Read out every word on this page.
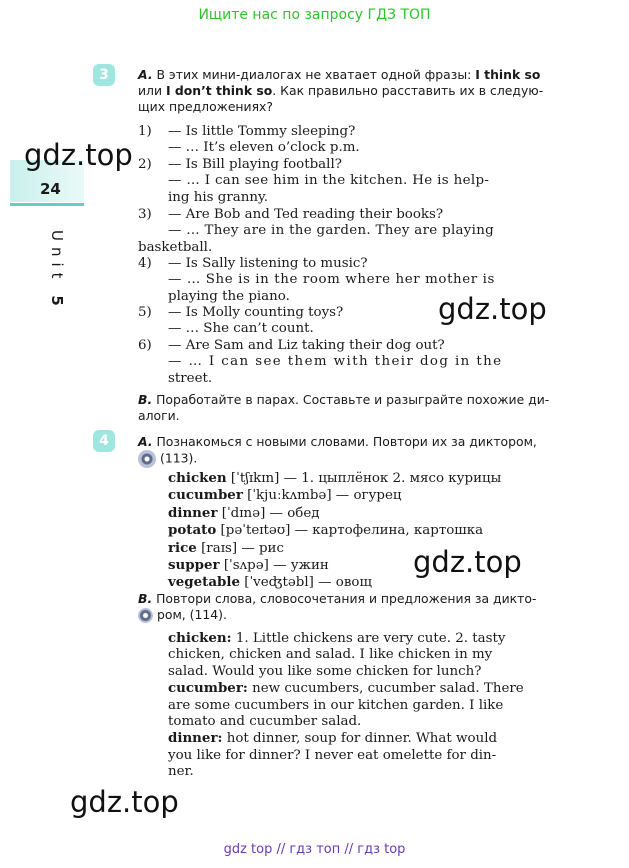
Ищите нас по запросу ГДЗ ТОП
24
Unit 5
gdz.top
gdz.top
gdz.top
gdz.top
3	A. В этих мини-диалогах не хватает одной фразы: I think so
или I don’t think so. Как правильно расставить их в следую-
щих предложениях?
1)	— Is little Tommy sleeping?
— … It’s eleven o’clock p.m.
2)	— Is Bill playing football?
— … I can see him in the kitchen. He is help-
ing his granny.
3)	— Are Bob and Ted reading their books?
— … They are in the garden. They are playing
basketball.
4)	— Is Sally listening to music?
— … She is in the room where her mother is
playing the piano.
5)	— Is Molly counting toys?
— … She can’t count.
6)	— Are Sam and Liz taking their dog out?
— … I can see them with their dog in the
street.
B. Поработайте в парах. Составьте и разыграйте похожие ди-
алоги.
4	A. Познакомься с новыми словами. Повтори их за диктором,
(113).
chicken [ˈtʃɪkɪn] — 1. цыплёнок 2. мясо курицы
cucumber [ˈkjuːkʌmbə] — огурец
dinner [ˈdɪnə] — обед
potato [pəˈteɪtəʊ] — картофелина, картошка
rice [raɪs] — рис
supper [ˈsʌpə] — ужин
vegetable [ˈveʤtəbl] — овощ
B. Повтори слова, словосочетания и предложения за дикто-
ром, (114).
chicken: 1. Little chickens are very cute. 2. tasty
chicken, chicken and salad. I like chicken in my
salad. Would you like some chicken for lunch?
cucumber: new cucumbers, cucumber salad. There
are some cucumbers in our kitchen garden. I like
tomato and cucumber salad.
dinner: hot dinner, soup for dinner. What would
you like for dinner? I never eat omelette for din-
ner.
gdz top // гдз топ // гдз top
